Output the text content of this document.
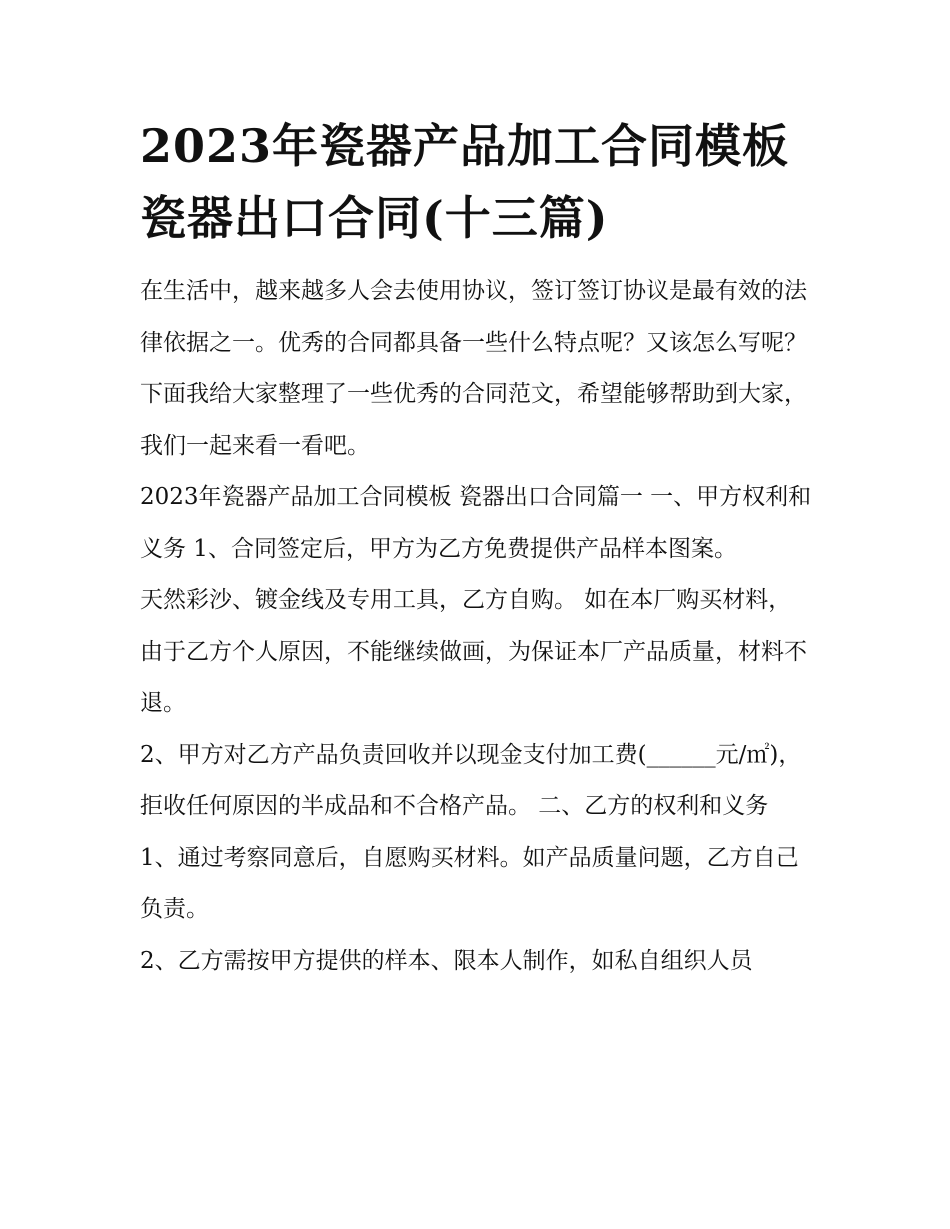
2023年瓷器产品加工合同模板 瓷器出口合同(十三篇)

在生活中，越来越多人会去使用协议，签订签订协议是最有效的法律依据之一。优秀的合同都具备一些什么特点呢？又该怎么写呢？下面我给大家整理了一些优秀的合同范文，希望能够帮助到大家，我们一起来看一看吧。

2023年瓷器产品加工合同模板 瓷器出口合同篇一 一、甲方权利和义务 1、合同签定后，甲方为乙方免费提供产品样本图案。

天然彩沙、镀金线及专用工具，乙方自购。 如在本厂购买材料，由于乙方个人原因，不能继续做画，为保证本厂产品质量，材料不退。

2、甲方对乙方产品负责回收并以现金支付加工费(______元/㎡)，拒收任何原因的半成品和不合格产品。 二、乙方的权利和义务

1、通过考察同意后，自愿购买材料。如产品质量问题，乙方自己负责。

2、乙方需按甲方提供的样本、限本人制作，如私自组织人员
